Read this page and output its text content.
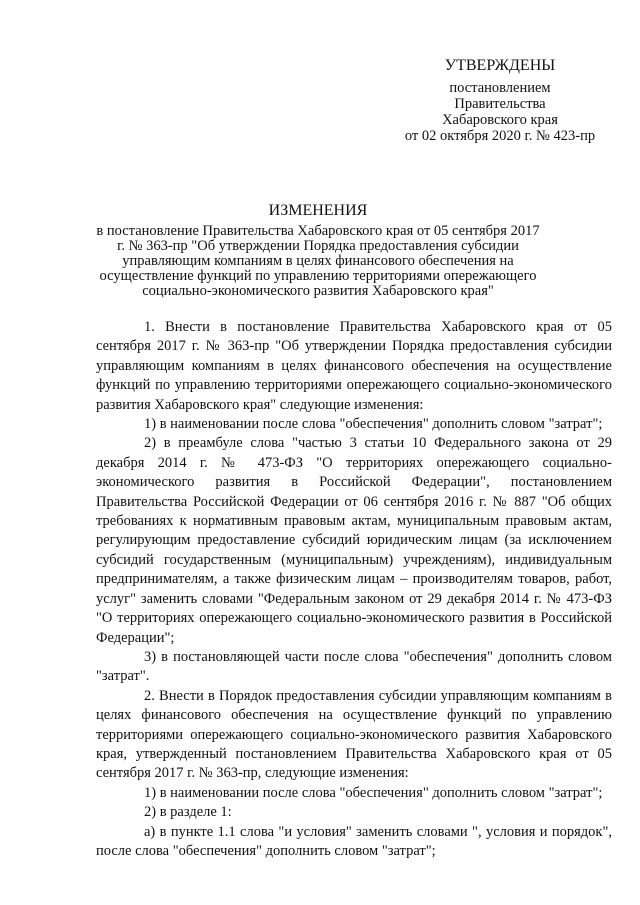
УТВЕРЖДЕНЫ
постановлением
Правительства
Хабаровского края
от 02 октября 2020 г. № 423-пр
ИЗМЕНЕНИЯ
в постановление Правительства Хабаровского края от 05 сентября 2017 г. № 363-пр "Об утверждении Порядка предоставления субсидии управляющим компаниям в целях финансового обеспечения на осуществление функций по управлению территориями опережающего социально-экономического развития Хабаровского края"

1. Внести в постановление Правительства Хабаровского края от 05 сентября 2017 г. № 363-пр "Об утверждении Порядка предоставления субсидии управляющим компаниям в целях финансового обеспечения на осуществление функций по управлению территориями опережающего социально-экономического развития Хабаровского края" следующие изменения:

1) в наименовании после слова "обеспечения" дополнить словом "затрат";

2) в преамбуле слова "частью 3 статьи 10 Федерального закона от 29 декабря 2014 г. № 473-ФЗ "О территориях опережающего социально-экономического развития в Российской Федерации", постановлением Правительства Российской Федерации от 06 сентября 2016 г. № 887 "Об общих требованиях к нормативным правовым актам, муниципальным правовым актам, регулирующим предоставление субсидий юридическим лицам (за исключением субсидий государственным (муниципальным) учреждениям), индивидуальным предпринимателям, а также физическим лицам – производителям товаров, работ, услуг" заменить словами "Федеральным законом от 29 декабря 2014 г. № 473-ФЗ "О территориях опережающего социально-экономического развития в Российской Федерации";

3) в постановляющей части после слова "обеспечения" дополнить словом "затрат".

2. Внести в Порядок предоставления субсидии управляющим компаниям в целях финансового обеспечения на осуществление функций по управлению территориями опережающего социально-экономического развития Хабаровского края, утвержденный постановлением Правительства Хабаровского края от 05 сентября 2017 г. № 363-пр, следующие изменения:

1) в наименовании после слова "обеспечения" дополнить словом "затрат";

2) в разделе 1:

а) в пункте 1.1 слова "и условия" заменить словами ", условия и порядок", после слова "обеспечения" дополнить словом "затрат";
